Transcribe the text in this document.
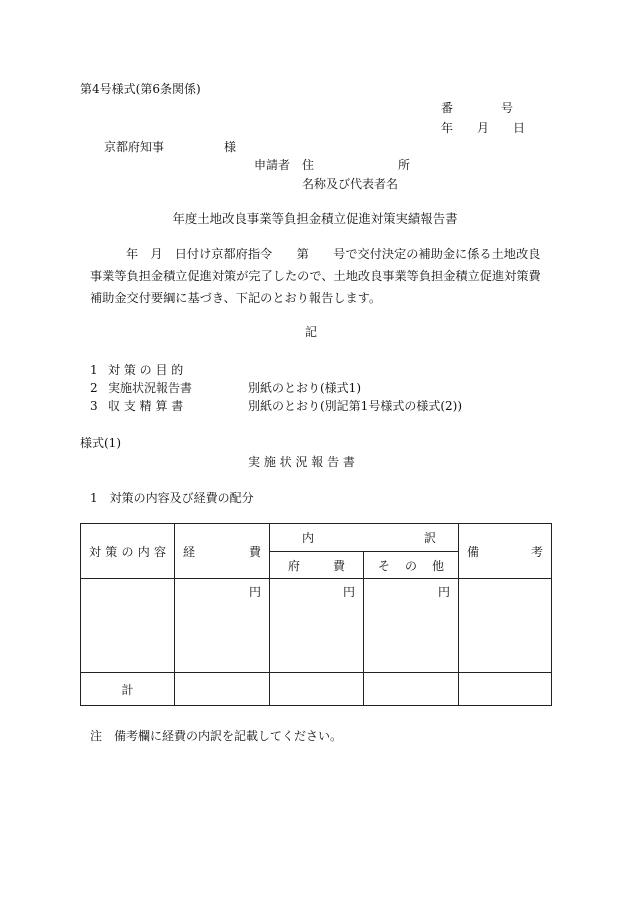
第4号様式(第6条関係)
番　　　　号
年　　月　　日
京都府知事　　　　　様
申請者　住　　　　　　　所
名称及び代表者名
年度土地改良事業等負担金積立促進対策実績報告書
年　月　日付け京都府指令　　第　　号で交付決定の補助金に係る土地改良事業等負担金積立促進対策が完了したので、土地改良事業等負担金積立促進対策費補助金交付要綱に基づき、下記のとおり報告します。
記
1 対 策 の 目 的
2 実施状況報告書	別紙のとおり(様式1)
3 収 支 精 算 書	別紙のとおり(別記第1号様式の様式(2))
様式(1)
実 施 状 況 報 告 書
1　対策の内容及び経費の配分
対 策 の 内 容	経 費	内 訳		備 考

		府 費	そ の 他	

	円	円	円	
計				
注　備考欄に経費の内訳を記載してください。
